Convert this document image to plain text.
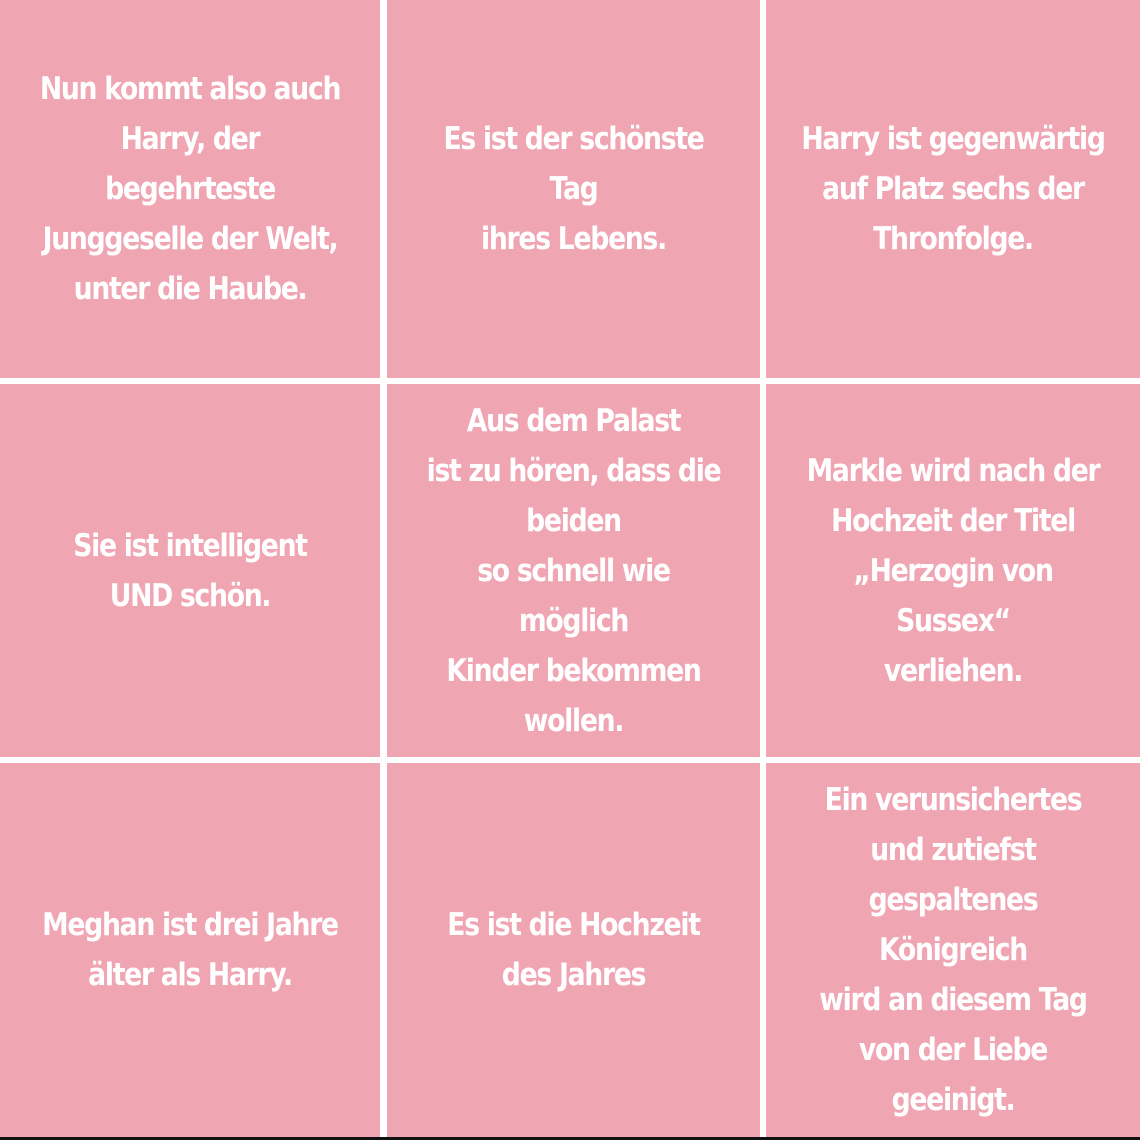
Nun kommt also auch
Harry, der begehrteste
Junggeselle der Welt,
unter die Haube.
Es ist der schönste Tag
ihres Lebens.
Harry ist gegenwärtig
auf Platz sechs der
Thronfolge.
Sie ist intelligent
UND schön.
Aus dem Palast
ist zu hören, dass die
beiden
so schnell wie möglich
Kinder bekommen
wollen.
Markle wird nach der
Hochzeit der Titel
„Herzogin von Sussex“
verliehen.
Meghan ist drei Jahre
älter als Harry.
Es ist die Hochzeit
des Jahres
Ein verunsichertes
und zutiefst
gespaltenes Königreich
wird an diesem Tag
von der Liebe geeinigt.
